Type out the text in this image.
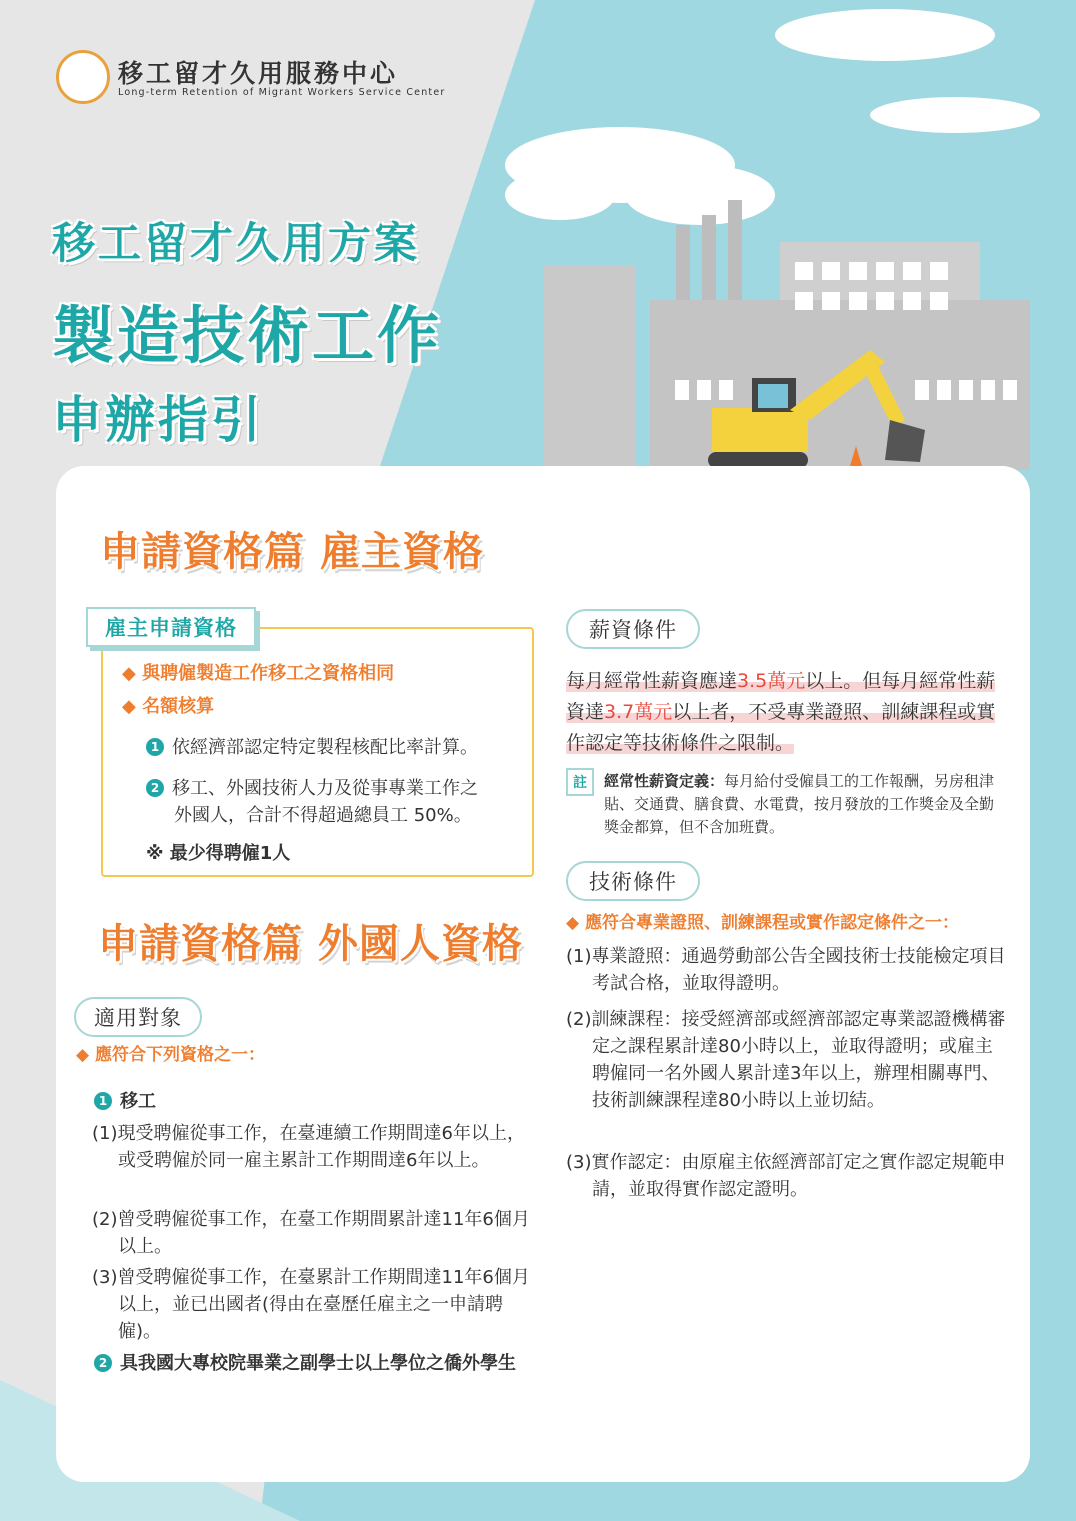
移工留才久用服務中心
Long-term Retention of Migrant Workers Service Center
移工留才久用方案
製造技術工作
申辦指引
申請資格篇 雇主資格
雇主申請資格
◆ 與聘僱製造工作移工之資格相同
◆ 名額核算
1 依經濟部認定特定製程核配比率計算。
2 移工、外國技術人力及從事專業工作之
外國人，合計不得超過總員工 50%。
※ 最少得聘僱1人
申請資格篇 外國人資格
適用對象
◆ 應符合下列資格之一：
1 移工
(1)現受聘僱從事工作，在臺連續工作期間達6年以上，或受聘僱於同一雇主累計工作期間達6年以上。
(2)曾受聘僱從事工作，在臺工作期間累計達11年6個月以上。
(3)曾受聘僱從事工作，在臺累計工作期間達11年6個月以上，並已出國者(得由在臺歷任雇主之一申請聘僱)。
2 具我國大專校院畢業之副學士以上學位之僑外學生
薪資條件
每月經常性薪資應達3.5萬元以上。但每月經常性薪資達3.7萬元以上者，不受專業證照、訓練課程或實作認定等技術條件之限制。
註	經常性薪資定義：每月給付受僱員工的工作報酬，另房租津貼、交通費、膳食費、水電費，按月發放的工作獎金及全勤獎金都算，但不含加班費。
技術條件
◆ 應符合專業證照、訓練課程或實作認定條件之一：
(1)專業證照：通過勞動部公告全國技術士技能檢定項目考試合格，並取得證明。
(2)訓練課程：接受經濟部或經濟部認定專業認證機構審定之課程累計達80小時以上，並取得證明；或雇主聘僱同一名外國人累計達3年以上，辦理相關專門、技術訓練課程達80小時以上並切結。
(3)實作認定：由原雇主依經濟部訂定之實作認定規範申請，並取得實作認定證明。
